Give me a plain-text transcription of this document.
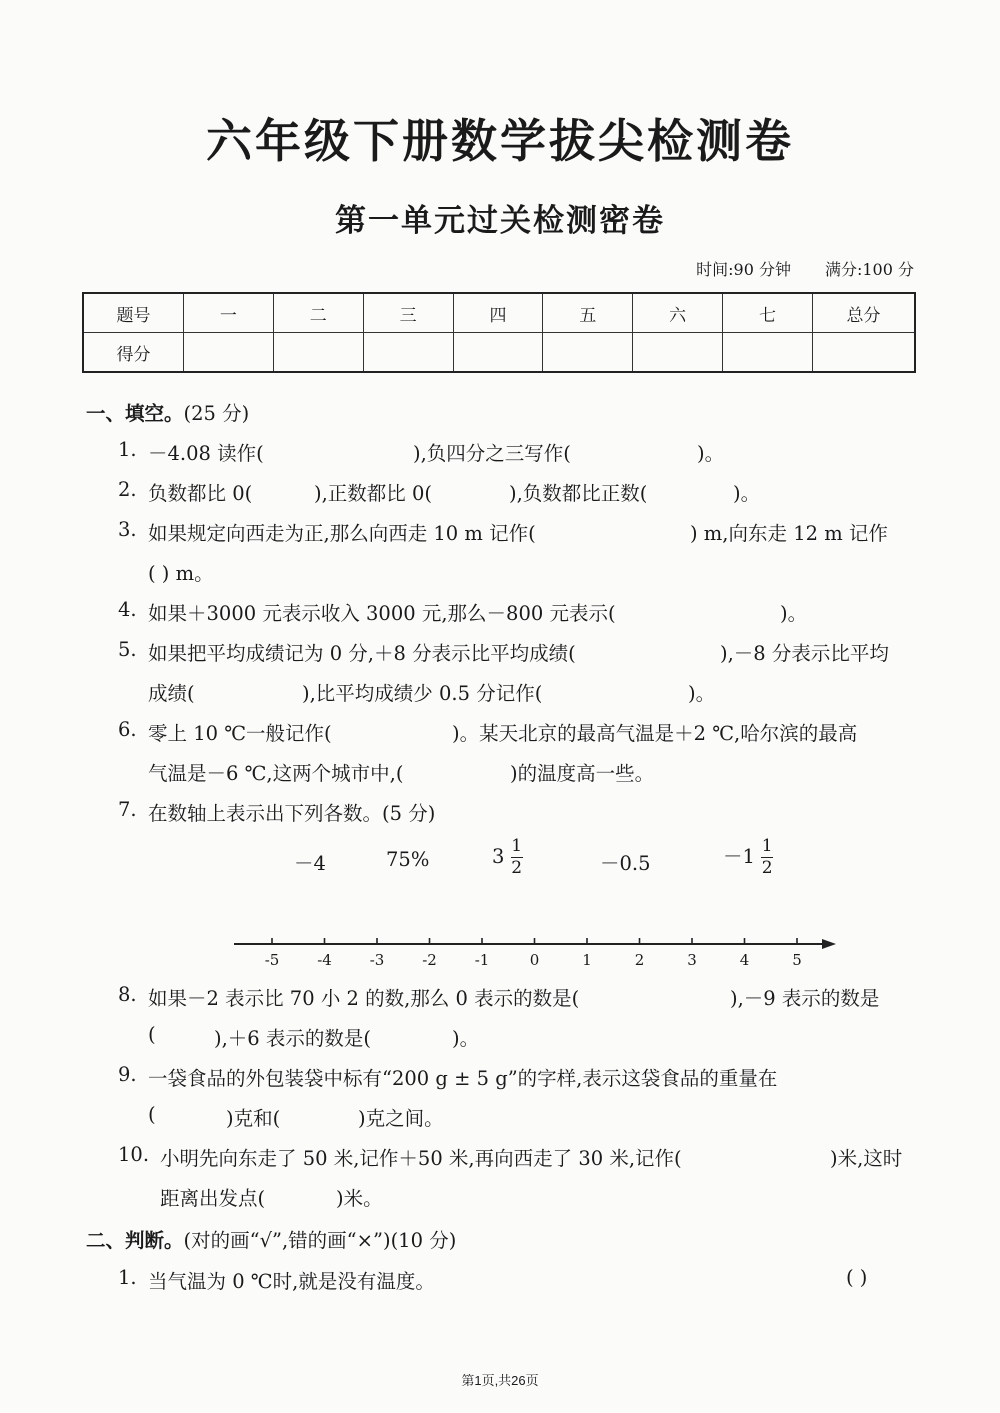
六年级下册数学拔尖检测卷
第一单元过关检测密卷
时间:90 分钟 满分:100 分
题号	一	二	三	四	五	六	七	总分
得分								
一、填空。(25 分)
1. －4.08 读作(	),负四分之三写作(	)。
2. 负数都比 0(	),正数都比 0(	),负数都比正数(	)。
3. 如果规定向西走为正,那么向西走 10 m 记作(	) m,向东走 12 m 记作
( ) m。
4. 如果＋3000 元表示收入 3000 元,那么－800 元表示(	)。
5. 如果把平均成绩记为 0 分,＋8 分表示比平均成绩(	),－8 分表示比平均
成绩(	),比平均成绩少 0.5 分记作(	)。
6. 零上 10 ℃一般记作(	)。某天北京的最高气温是＋2 ℃,哈尔滨的最高
气温是－6 ℃,这两个城市中,(	)的温度高一些。
7. 在数轴上表示出下列各数。(5 分)
－4	75%	$3 \frac{1}{2}$	－0.5	$-1 \frac{1}{2}$
-5	-4	-3	-2	-1	0	1	2	3	4	5
8. 如果－2 表示比 70 小 2 的数,那么 0 表示的数是(	),－9 表示的数是
(	),＋6 表示的数是(	)。
9. 一袋食品的外包装袋中标有“200 g ± 5 g”的字样,表示这袋食品的重量在
(	)克和(	)克之间。
10. 小明先向东走了 50 米,记作＋50 米,再向西走了 30 米,记作(	)米,这时
距离出发点(	)米。
二、判断。(对的画“√”,错的画“×”)(10 分)
1. 当气温为 0 ℃时,就是没有温度。	( )
第1页,共26页
